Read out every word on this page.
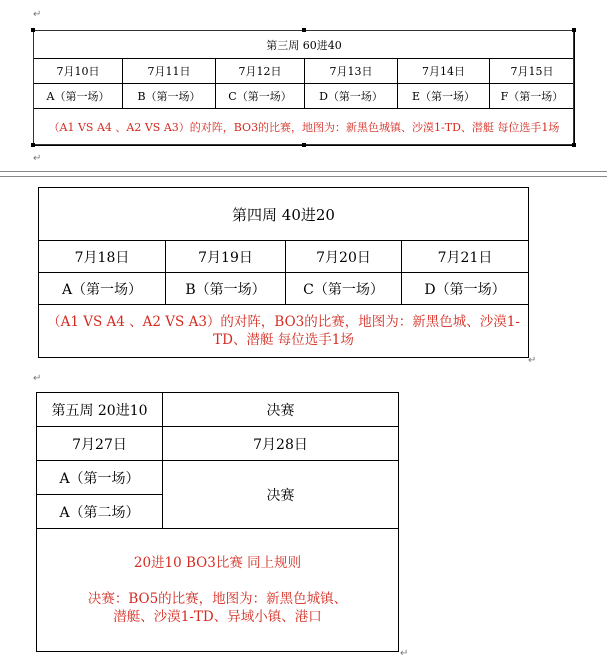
↵
↵
↵
↵
↵
第三周 60进40					
7月10日	7月11日	7月12日	7月13日	7月14日	7月15日
A（第一场）	B（第一场）	C（第一场）	D（第一场）	E（第一场）	F（第一场）
（A1 VS A4 、A2 VS A3）的对阵，BO3的比赛，地图为：新黑色城镇、沙漠1-TD、潜艇 每位选手1场					
第四周 40进20			
7月18日	7月19日	7月20日	7月21日
A（第一场）	B（第一场）	C（第一场）	D（第一场）
（A1 VS A4 、A2 VS A3）的对阵，BO3的比赛，地图为：新黑色城、沙漠1-TD、潜艇 每位选手1场			
第五周 20进10	决赛
7月27日	7月28日
A（第一场）	决赛
A（第二场）	

20进10 BO3比赛 同上规则

决赛：BO5的比赛，地图为：新黑色城镇、潜艇、沙漠1-TD、异域小镇、港口	
